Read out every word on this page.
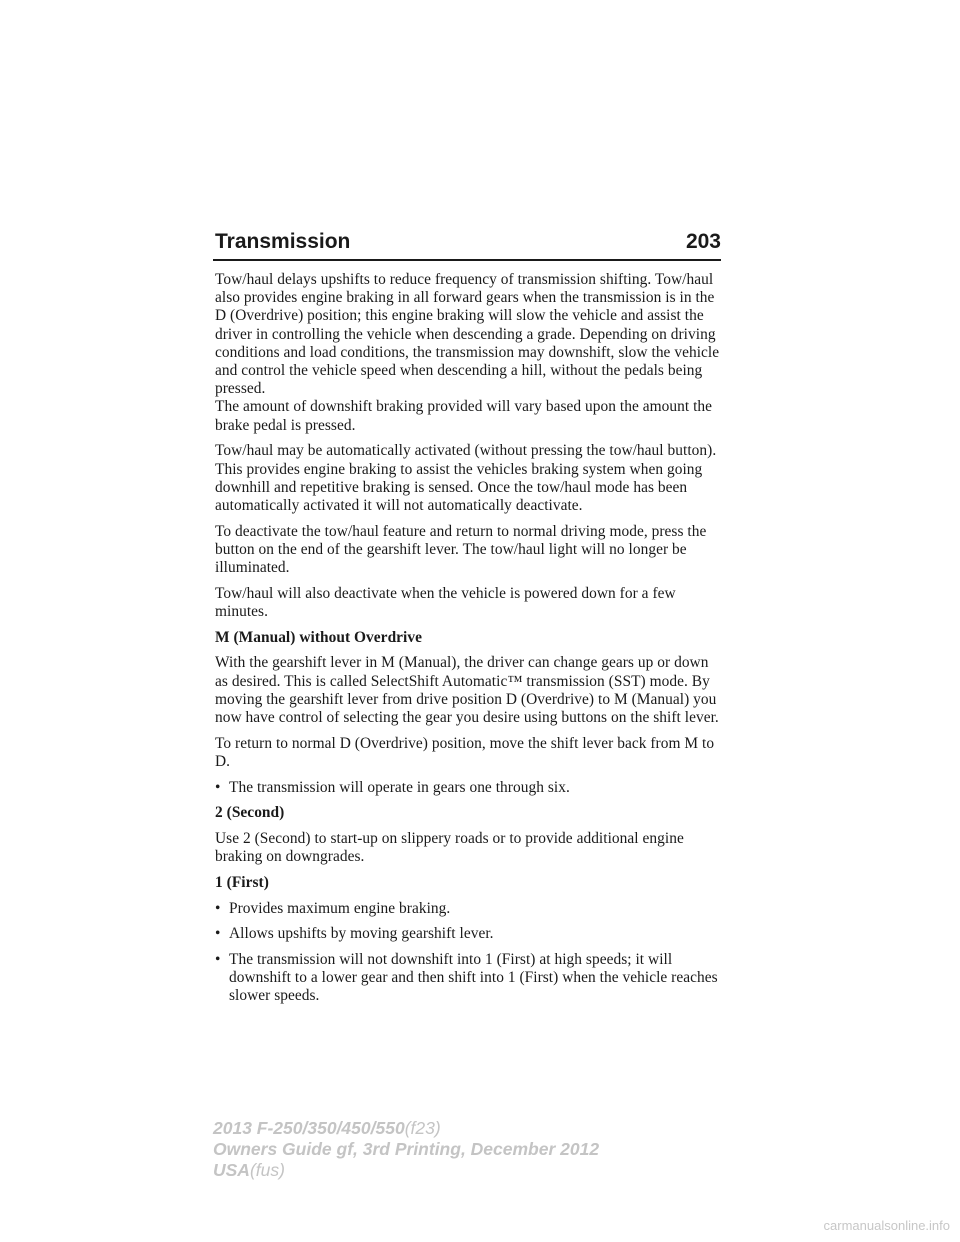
Transmission	203

Tow/haul delays upshifts to reduce frequency of transmission shifting. Tow/haul also provides engine braking in all forward gears when the transmission is in the D (Overdrive) position; this engine braking will slow the vehicle and assist the driver in controlling the vehicle when descending a grade. Depending on driving conditions and load conditions, the transmission may downshift, slow the vehicle and control the vehicle speed when descending a hill, without the pedals being pressed.

The amount of downshift braking provided will vary based upon the amount the brake pedal is pressed.

Tow/haul may be automatically activated (without pressing the tow/haul button). This provides engine braking to assist the vehicles braking system when going downhill and repetitive braking is sensed. Once the tow/haul mode has been automatically activated it will not automatically deactivate.

To deactivate the tow/haul feature and return to normal driving mode, press the button on the end of the gearshift lever. The tow/haul light will no longer be illuminated.

Tow/haul will also deactivate when the vehicle is powered down for a few minutes.

M (Manual) without Overdrive

With the gearshift lever in M (Manual), the driver can change gears up or down as desired. This is called SelectShift Automatic™ transmission (SST) mode. By moving the gearshift lever from drive position D (Overdrive) to M (Manual) you now have control of selecting the gear you desire using buttons on the shift lever.

To return to normal D (Overdrive) position, move the shift lever back from M to D.

• The transmission will operate in gears one through six.
2 (Second)

Use 2 (Second) to start-up on slippery roads or to provide additional engine braking on downgrades.

1 (First)
• Provides maximum engine braking.
• Allows upshifts by moving gearshift lever.
• The transmission will not downshift into 1 (First) at high speeds; it will downshift to a lower gear and then shift into 1 (First) when the vehicle reaches slower speeds.
2013 F-250/350/450/550(f23)
Owners Guide gf, 3rd Printing, December 2012
USA(fus)
carmanualsonline.info
